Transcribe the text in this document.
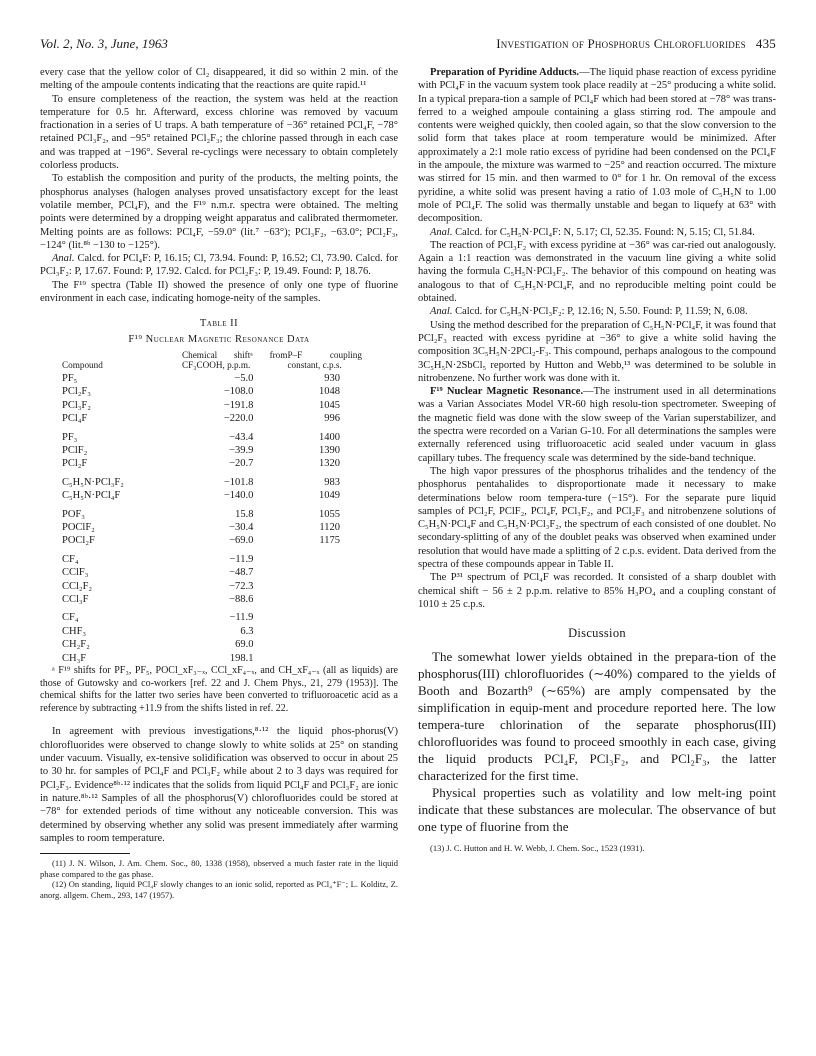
Vol. 2, No. 3, June, 1963	Investigation of Phosphorus Chlorofluorides 435

every case that the yellow color of Cl₂ disappeared, it did so within 2 min. of the melting of the ampoule contents indicating that the reactions are quite rapid.¹¹

To ensure completeness of the reaction, the system was held at the reaction temperature for 0.5 hr. Afterward, excess chlorine was removed by vacuum fractionation in a series of U traps. A bath temperature of −36° retained PCl₄F, −78° retained PCl₃F₂, and −95° retained PCl₂F₃; the chlorine passed through in each case and was trapped at −196°. Several re-cyclings were necessary to obtain completely colorless products.

To establish the composition and purity of the products, the melting points, the phosphorus analyses (halogen analyses proved unsatisfactory except for the least volatile member, PCl₄F), and the F¹⁹ n.m.r. spectra were obtained. The melting points were determined by a dropping weight apparatus and calibrated thermometer. Melting points are as follows: PCl₄F, −59.0° (lit.⁷ −63°); PCl₃F₂, −63.0°; PCl₂F₃, −124° (lit.⁸ᵇ −130 to −125°).

Anal. Calcd. for PCl₄F: P, 16.15; Cl, 73.94. Found: P, 16.52; Cl, 73.90. Calcd. for PCl₃F₂: P, 17.67. Found: P, 17.92. Calcd. for PCl₂F₃: P, 19.49. Found: P, 18.76.

The F¹⁹ spectra (Table II) showed the presence of only one type of fluorine environment in each case, indicating homoge-neity of the samples.

Table II
F¹⁹ Nuclear Magnetic Resonance Data
Compound	Chemical shiftᵃ from CF₃COOH, p.p.m.	P–F coupling constant, c.p.s.
PF₅	−5.0	930
PCl₂F₃	−108.0	1048
PCl₃F₂	−191.8	1045
PCl₄F	−220.0	996
PF₃	−43.4	1400
PClF₂	−39.9	1390
PCl₂F	−20.7	1320
C₅H₅N·PCl₃F₂	−101.8	983
C₅H₅N·PCl₄F	−140.0	1049
POF₃	15.8	1055
POClF₂	−30.4	1120
POCl₂F	−69.0	1175
CF₄	−11.9	
CClF₃	−48.7	
CCl₂F₂	−72.3	
CCl₃F	−88.6	
CF₄	−11.9	
CHF₃	6.3	
CH₂F₂	69.0	
CH₃F	198.1	

ᵃ F¹⁹ shifts for PF₃, PF₅, POCl_xF₃₋ₓ, CCl_xF₄₋ₓ, and CH_xF₄₋ₓ (all as liquids) are those of Gutowsky and co-workers [ref. 22 and J. Chem Phys., 21, 279 (1953)]. The chemical shifts for the latter two series have been converted to trifluoroacetic acid as a reference by subtracting +11.9 from the shifts listed in ref. 22.

In agreement with previous investigations,⁸·¹² the liquid phos-phorus(V) chlorofluorides were observed to change slowly to white solids at 25° on standing under vacuum. Visually, ex-tensive solidification was observed to occur in about 25 to 30 hr. for samples of PCl₄F and PCl₃F₂ while about 2 to 3 days was required for PCl₂F₃. Evidence⁸ᵇ·¹² indicates that the solids from liquid PCl₄F and PCl₃F₂ are ionic in nature.⁸ᵇ·¹² Samples of all the phosphorus(V) chlorofluorides could be stored at −78° for extended periods of time without any noticeable conversion. This was determined by observing whether any solid was present immediately after warming samples to room temperature.

(11) J. N. Wilson, J. Am. Chem. Soc., 80, 1338 (1958), observed a much faster rate in the liquid phase compared to the gas phase.

(12) On standing, liquid PCl₄F slowly changes to an ionic solid, reported as PCl₄⁺F⁻; L. Kolditz, Z. anorg. allgem. Chem., 293, 147 (1957).

Preparation of Pyridine Adducts.—The liquid phase reaction of excess pyridine with PCl₄F in the vacuum system took place readily at −25° producing a white solid. In a typical prepara-tion a sample of PCl₄F which had been stored at −78° was trans-ferred to a weighed ampoule containing a glass stirring rod. The ampoule and contents were weighed quickly, then cooled again, so that the slow conversion to the solid form that takes place at room temperature would be minimized. After approximately a 2:1 mole ratio excess of pyridine had been condensed on the PCl₄F in the ampoule, the mixture was warmed to −25° and reaction occurred. The mixture was stirred for 15 min. and then warmed to 0° for 1 hr. On removal of the excess pyridine, a white solid was present having a ratio of 1.03 mole of C₅H₅N to 1.00 mole of PCl₄F. The solid was thermally unstable and began to liquefy at 63° with decomposition.

Anal. Calcd. for C₅H₅N·PCl₄F: N, 5.17; Cl, 52.35. Found: N, 5.15; Cl, 51.84.

The reaction of PCl₃F₂ with excess pyridine at −36° was car-ried out analogously. Again a 1:1 reaction was demonstrated in the vacuum line giving a white solid having the formula C₅H₅N·PCl₃F₂. The behavior of this compound on heating was analogous to that of C₅H₅N·PCl₄F, and no reproducible melting point could be obtained.

Anal. Calcd. for C₅H₅N·PCl₃F₂: P, 12.16; N, 5.50. Found: P, 11.59; N, 6.08.

Using the method described for the preparation of C₅H₅N·PCl₄F, it was found that PCl₂F₃ reacted with excess pyridine at −36° to give a white solid having the composition 3C₅H₅N·2PCl₂-F₃. This compound, perhaps analogous to the compound 3C₅H₅N·2SbCl₅ reported by Hutton and Webb,¹³ was determined to be soluble in nitrobenzene. No further work was done with it.

F¹⁹ Nuclear Magnetic Resonance.—The instrument used in all determinations was a Varian Associates Model VR-60 high resolu-tion spectrometer. Sweeping of the magnetic field was done with the slow sweep of the Varian superstabilizer, and the spectra were recorded on a Varian G-10. For all determinations the samples were externally referenced using trifluoroacetic acid sealed under vacuum in glass capillary tubes. The frequency scale was determined by the side-band technique.

The high vapor pressures of the phosphorus trihalides and the tendency of the phosphorus pentahalides to disproportionate made it necessary to make determinations below room tempera-ture (−15°). For the separate pure liquid samples of PCl₂F, PClF₂, PCl₄F, PCl₃F₂, and PCl₂F₃ and nitrobenzene solutions of C₅H₅N·PCl₄F and C₅H₅N·PCl₃F₂, the spectrum of each consisted of one doublet. No secondary-splitting of any of the doublet peaks was observed when examined under resolution that would have made a splitting of 2 c.p.s. evident. Data derived from the spectra of these compounds appear in Table II.

The P³¹ spectrum of PCl₄F was recorded. It consisted of a sharp doublet with chemical shift − 56 ± 2 p.p.m. relative to 85% H₃PO₄ and a coupling constant of 1010 ± 25 c.p.s.

Discussion

The somewhat lower yields obtained in the prepara-tion of the phosphorus(III) chlorofluorides (∼40%) compared to the yields of Booth and Bozarth⁹ (∼65%) are amply compensated by the simplification in equip-ment and procedure reported here. The low tempera-ture chlorination of the separate phosphorus(III) chlorofluorides was found to proceed smoothly in each case, giving the liquid products PCl₄F, PCl₃F₂, and PCl₂F₃, the latter characterized for the first time.

Physical properties such as volatility and low melt-ing point indicate that these substances are molecular. The observance of but one type of fluorine from the

(13) J. C. Hutton and H. W. Webb, J. Chem. Soc., 1523 (1931).
